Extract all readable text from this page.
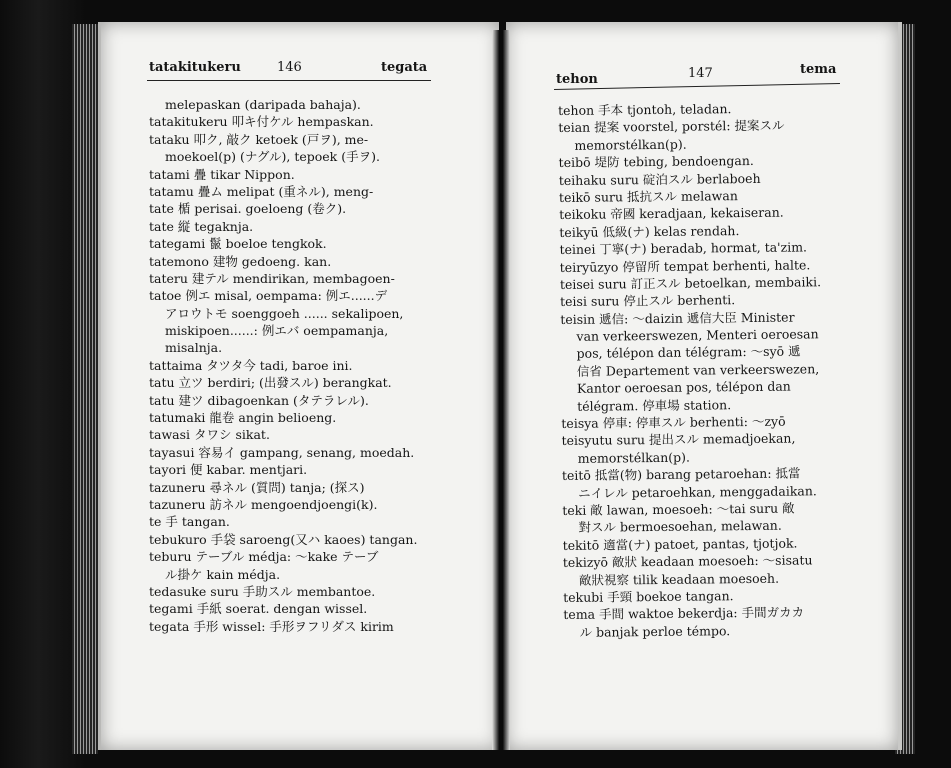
tatakitukeru	146	tegata
melepaskan (daripada bahaja).
tatakitukeru 叩キ付ケル hempaskan.
tataku 叩ク, 敲ク ketoek (戸ヲ), me-
moekoel(p) (ナグル), tepoek (手ヲ).
tatami 疊 tikar Nippon.
tatamu 疊ム melipat (重ネル), meng-
tate 楯 perisai. goeloeng (卷ク).
tate 縦 tegaknja.
tategami 鬣 boeloe tengkok.
tatemono 建物 gedoeng. kan.
tateru 建テル mendirikan, membagoen-
tatoe 例エ misal, oempama: 例エ......デ
アロウトモ soenggoeh ...... sekalipoen,
miskipoen......: 例エバ oempamanja,
misalnja.
tattaima タツタ今 tadi, baroe ini.
tatu 立ツ berdiri; (出發スル) berangkat.
tatu 建ツ dibagoenkan (タテラレル).
tatumaki 龍卷 angin belioeng.
tawasi タワシ sikat.
tayasui 容易イ gampang, senang, moedah.
tayori 便 kabar. mentjari.
tazuneru 尋ネル (質問) tanja; (探ス)
tazuneru 訪ネル mengoendjoengi(k).
te 手 tangan.
tebukuro 手袋 saroeng(又ハ kaoes) tangan.
teburu テーブル médja: ～kake テーブ
ル掛ケ kain médja.
tedasuke suru 手助スル membantoe.
tegami 手紙 soerat. dengan wissel.
tegata 手形 wissel: 手形ヲフリダス kirim
tehon	147	tema
tehon 手本 tjontoh, teladan.
teian 提案 voorstel, porstél: 提案スル
memorstélkan(p).
teibō 堤防 tebing, bendoengan.
teihaku suru 碇泊スル berlaboeh
teikō suru 抵抗スル melawan
teikoku 帝國 keradjaan, kekaiseran.
teikyū 低級(ナ) kelas rendah.
teinei 丁寧(ナ) beradab, hormat, ta'zim.
teiryūzyo 停留所 tempat berhenti, halte.
teisei suru 訂正スル betoelkan, membaiki.
teisi suru 停止スル berhenti.
teisin 遞信: ～daizin 遞信大臣 Minister
van verkeerswezen, Menteri oeroesan
pos, télépon dan télégram: ～syō 遞
信省 Departement van verkeerswezen,
Kantor oeroesan pos, télépon dan
télégram. 停車場 station.
teisya 停車: 停車スル berhenti: ～zyō
teisyutu suru 提出スル memadjoekan,
memorstélkan(p).
teitō 抵當(物) barang petaroehan: 抵當
ニイレル petaroehkan, menggadaikan.
teki 敵 lawan, moesoeh: ～tai suru 敵
對スル bermoesoehan, melawan.
tekitō 適當(ナ) patoet, pantas, tjotjok.
tekizyō 敵狀 keadaan moesoeh: ～sisatu
敵狀視察 tilik keadaan moesoeh.
tekubi 手頸 boekoe tangan.
tema 手間 waktoe bekerdja: 手間ガカカ
ル banjak perloe témpo.
